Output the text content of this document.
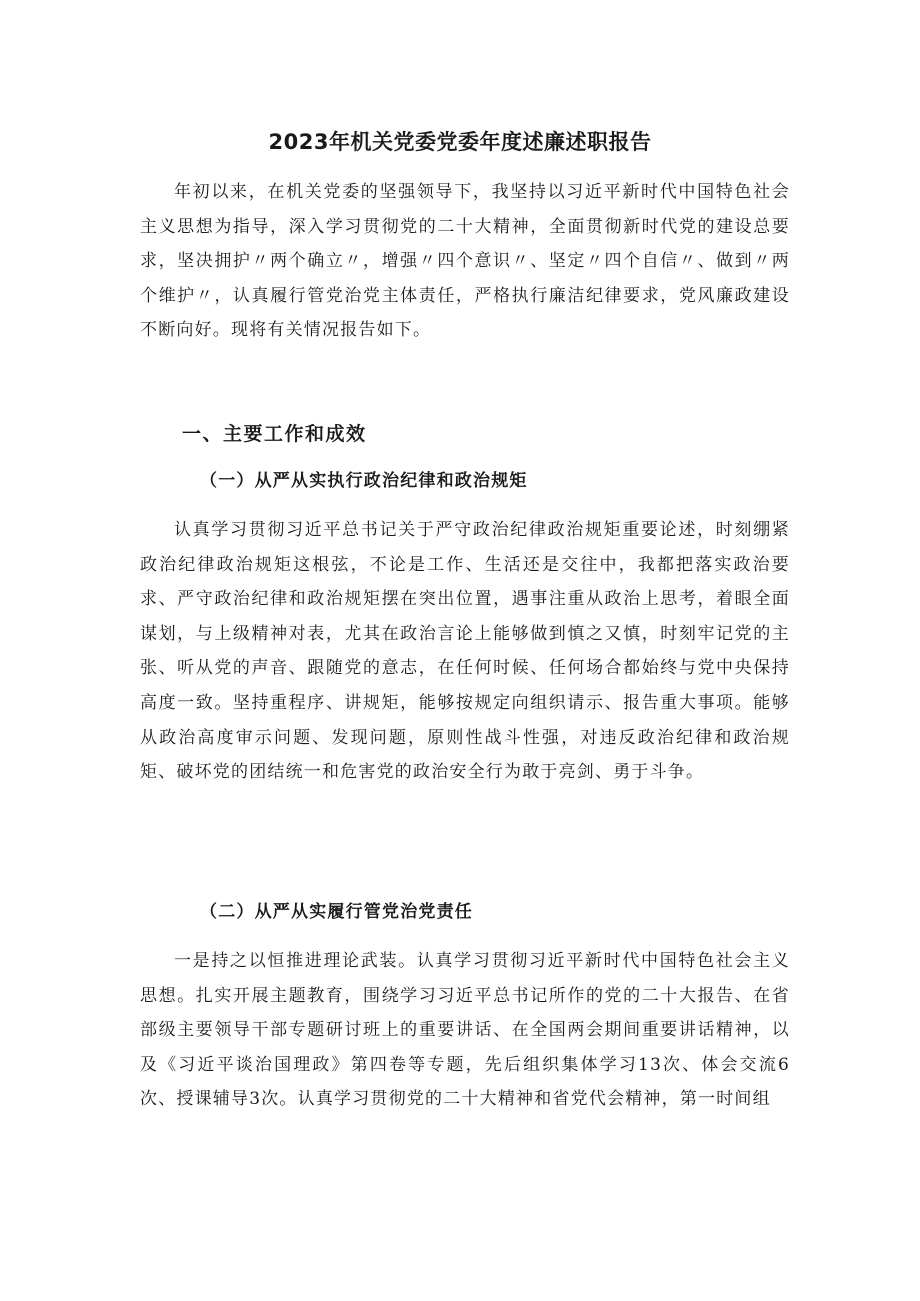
2023年机关党委党委年度述廉述职报告

年初以来，在机关党委的坚强领导下，我坚持以习近平新时代中国特色社会主义思想为指导，深入学习贯彻党的二十大精神，全面贯彻新时代党的建设总要求，坚决拥护〃两个确立〃，增强〃四个意识〃、坚定〃四个自信〃、做到〃两个维护〃，认真履行管党治党主体责任，严格执行廉洁纪律要求，党风廉政建设不断向好。现将有关情况报告如下。

一、主要工作和成效
（一）从严从实执行政治纪律和政治规矩

认真学习贯彻习近平总书记关于严守政治纪律政治规矩重要论述，时刻绷紧政治纪律政治规矩这根弦，不论是工作、生活还是交往中，我都把落实政治要求、严守政治纪律和政治规矩摆在突出位置，遇事注重从政治上思考，着眼全面谋划，与上级精神对表，尤其在政治言论上能够做到慎之又慎，时刻牢记党的主张、听从党的声音、跟随党的意志，在任何时候、任何场合都始终与党中央保持高度一致。坚持重程序、讲规矩，能够按规定向组织请示、报告重大事项。能够从政治高度审示问题、发现问题，原则性战斗性强，对违反政治纪律和政治规矩、破坏党的团结统一和危害党的政治安全行为敢于亮剑、勇于斗争。

（二）从严从实履行管党治党责任

一是持之以恒推进理论武装。认真学习贯彻习近平新时代中国特色社会主义思想。扎实开展主题教育，围绕学习习近平总书记所作的党的二十大报告、在省部级主要领导干部专题研讨班上的重要讲话、在全国两会期间重要讲话精神，以及《习近平谈治国理政》第四卷等专题，先后组织集体学习13次、体会交流6次、授课辅导3次。认真学习贯彻党的二十大精神和省党代会精神，第一时间组
